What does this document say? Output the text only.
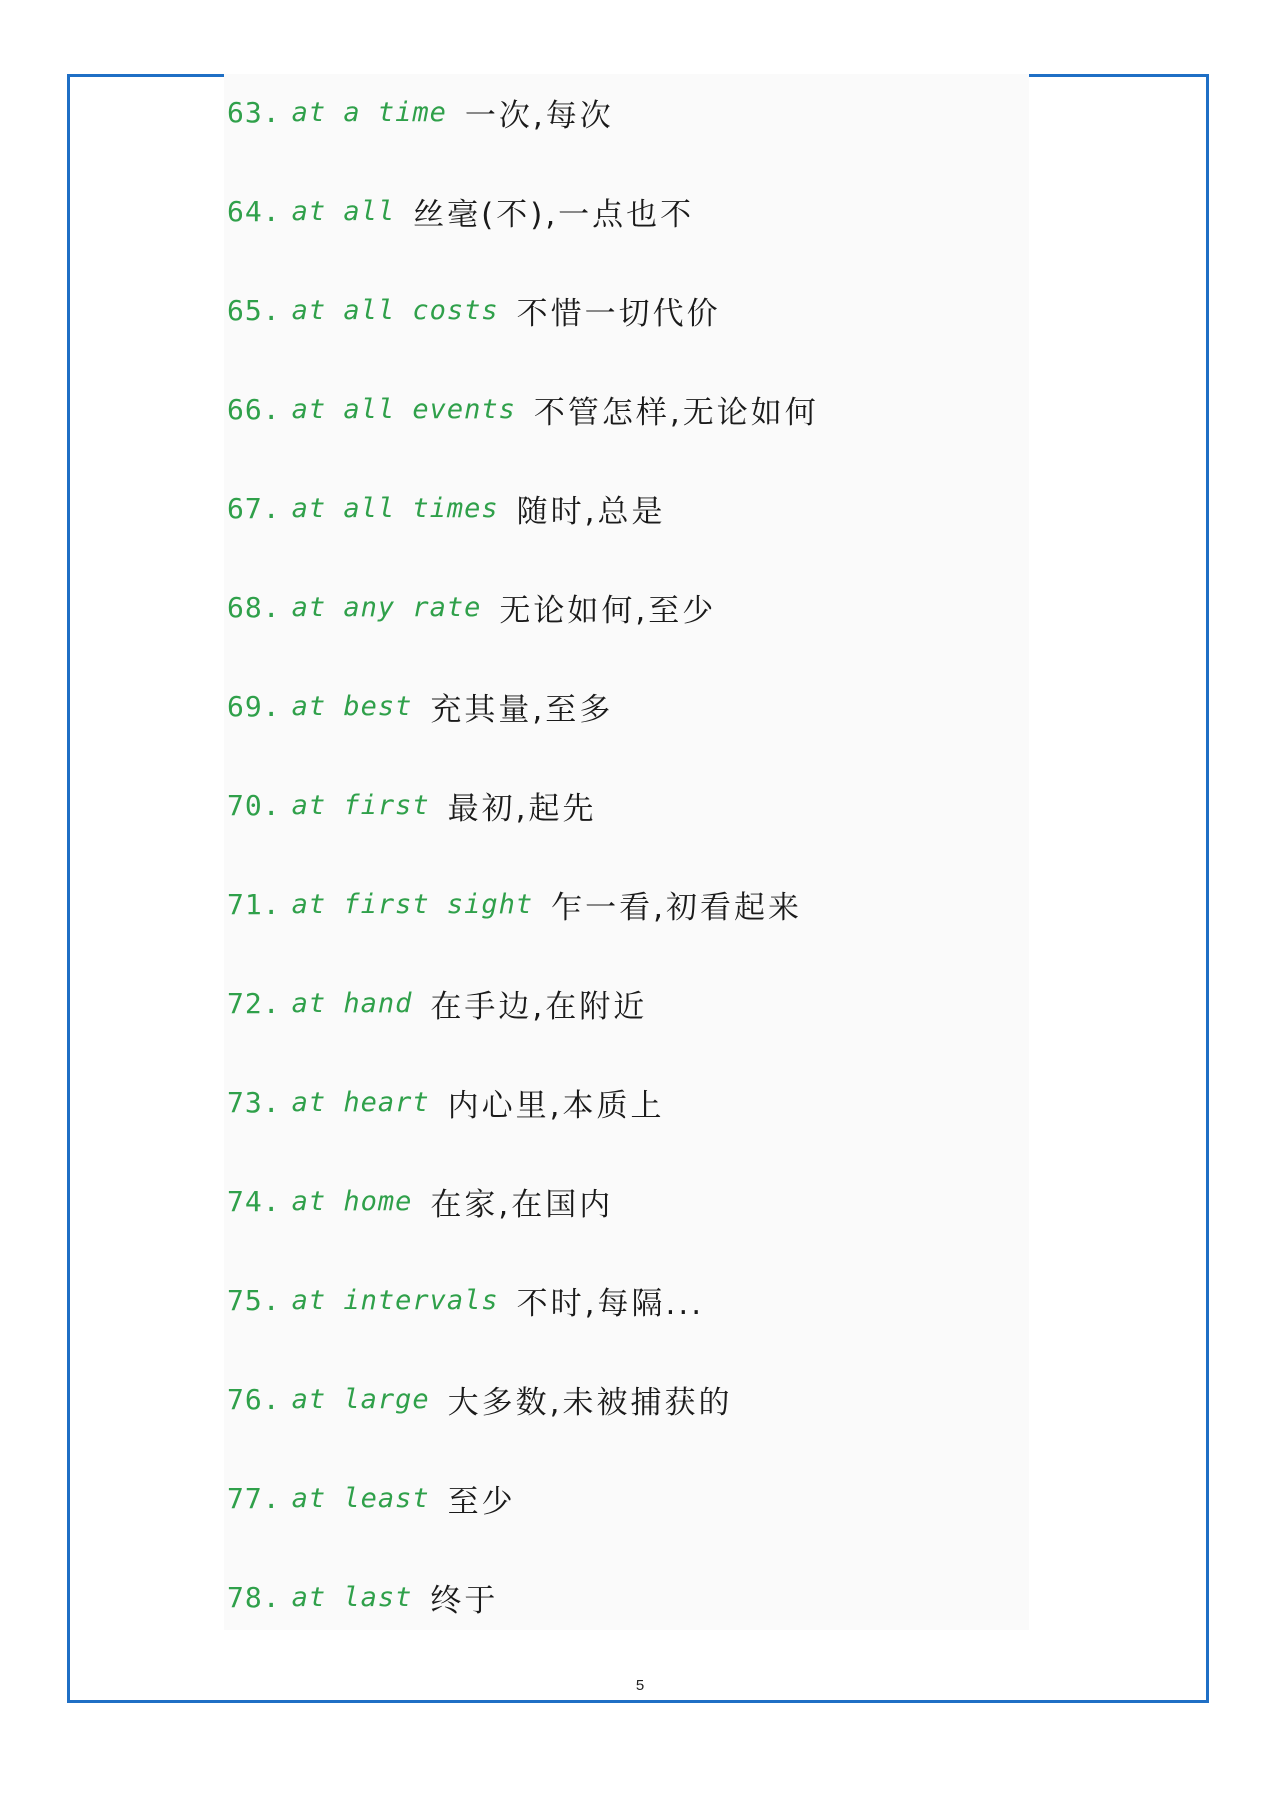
63 . at a time 一次,每次
64 . at all 丝毫(不),一点也不
65 . at all costs 不惜一切代价
66 . at all events 不管怎样,无论如何
67 . at all times 随时,总是
68 . at any rate 无论如何,至少
69 . at best 充其量,至多
70 . at first 最初,起先
71 . at first sight 乍一看,初看起来
72 . at hand 在手边,在附近
73 . at heart 内心里,本质上
74 . at home 在家,在国内
75 . at intervals 不时,每隔...
76 . at large 大多数,未被捕获的
77 . at least 至少
78 . at last 终于
5
